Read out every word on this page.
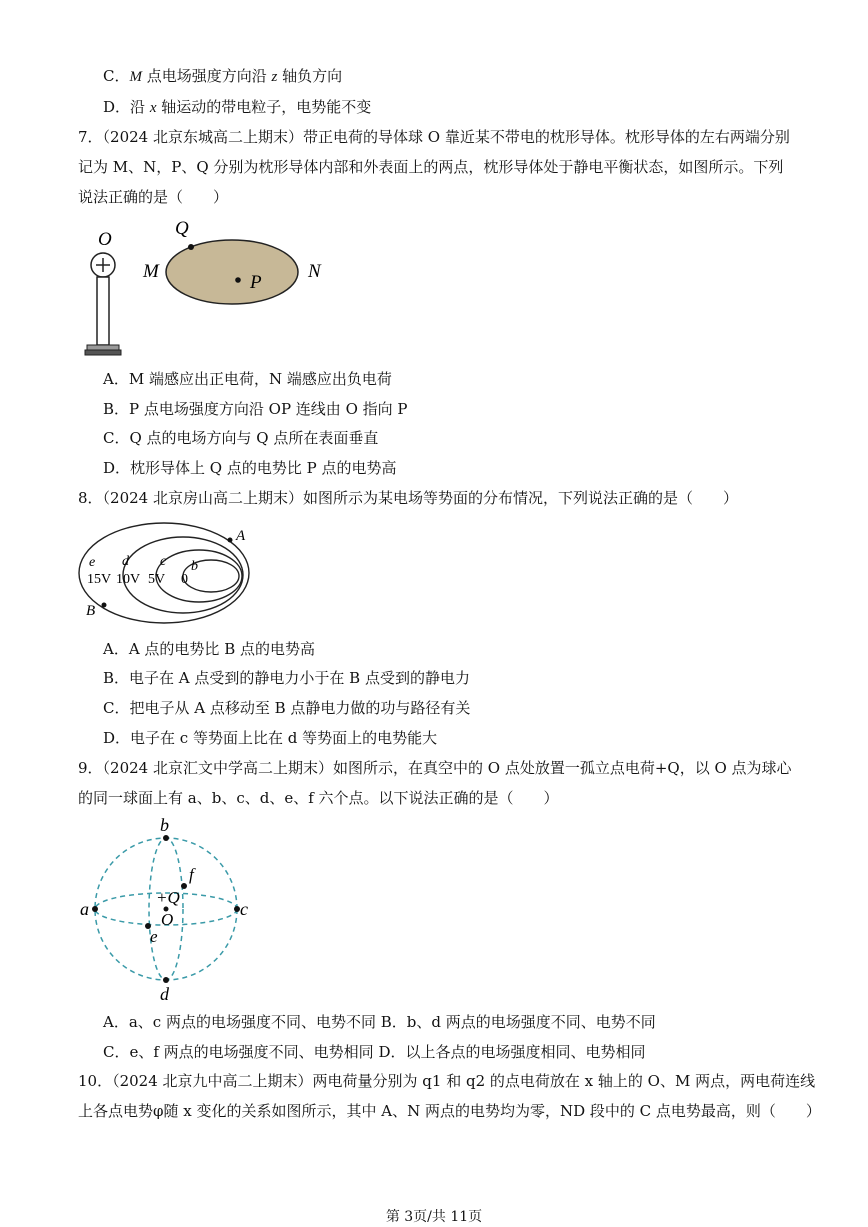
C．M 点电场强度方向沿 z 轴负方向
D．沿 x 轴运动的带电粒子，电势能不变
7．（2024 北京东城高二上期末）带正电荷的导体球 O 靠近某不带电的枕形导体。枕形导体的左右两端分别
记为 M、N，P、Q 分别为枕形导体内部和外表面上的两点，枕形导体处于静电平衡状态，如图所示。下列
说法正确的是（　　）
O
Q
M
P
N
A．M 端感应出正电荷，N 端感应出负电荷
B．P 点电场强度方向沿 OP 连线由 O 指向 P
C．Q 点的电场方向与 Q 点所在表面垂直
D．枕形导体上 Q 点的电势比 P 点的电势高
8．（2024 北京房山高二上期末）如图所示为某电场等势面的分布情况，下列说法正确的是（　　）
A
B
e d c b
15V 10V 5V 0
A．A 点的电势比 B 点的电势高
B．电子在 A 点受到的静电力小于在 B 点受到的静电力
C．把电子从 A 点移动至 B 点静电力做的功与路径有关
D．电子在 c 等势面上比在 d 等势面上的电势能大
9．（2024 北京汇文中学高二上期末）如图所示，在真空中的 O 点处放置一孤立点电荷+Q，以 O 点为球心
的同一球面上有 a、b、c、d、e、f 六个点。以下说法正确的是（　　）
a	c
b
d
e
f
+Q
O
A．a、c 两点的电场强度不同、电势不同 B．b、d 两点的电场强度不同、电势不同
C．e、f 两点的电场强度不同、电势相同 D．以上各点的电场强度相同、电势相同
10．（2024 北京九中高二上期末）两电荷量分别为 q1 和 q2 的点电荷放在 x 轴上的 O、M 两点，两电荷连线
上各点电势φ随 x 变化的关系如图所示，其中 A、N 两点的电势均为零，ND 段中的 C 点电势最高，则（　　）
第 3页/共 11页
